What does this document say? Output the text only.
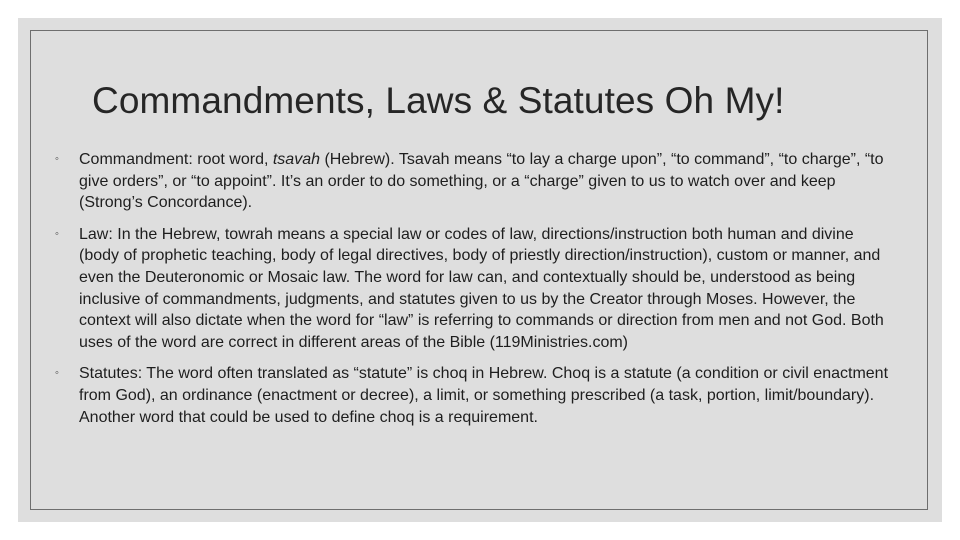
Commandments, Laws & Statutes Oh My!
◦ Commandment: root word, tsavah (Hebrew). Tsavah means “to lay a charge upon”, “to command”, “to charge”, “to give orders”, or “to appoint”. It’s an order to do something, or a “charge” given to us to watch over and keep (Strong’s Concordance).
◦ Law: In the Hebrew, towrah means a special law or codes of law, directions/instruction both human and divine (body of prophetic teaching, body of legal directives, body of priestly direction/instruction), custom or manner, and even the Deuteronomic or Mosaic law. The word for law can, and contextually should be, understood as being inclusive of commandments, judgments, and statutes given to us by the Creator through Moses. However, the context will also dictate when the word for “law” is referring to commands or direction from men and not God. Both uses of the word are correct in different areas of the Bible (119Ministries.com)
◦ Statutes: The word often translated as “statute” is choq in Hebrew. Choq is a statute (a condition or civil enactment from God), an ordinance (enactment or decree), a limit, or something prescribed (a task, portion, limit/boundary). Another word that could be used to define choq is a requirement.
